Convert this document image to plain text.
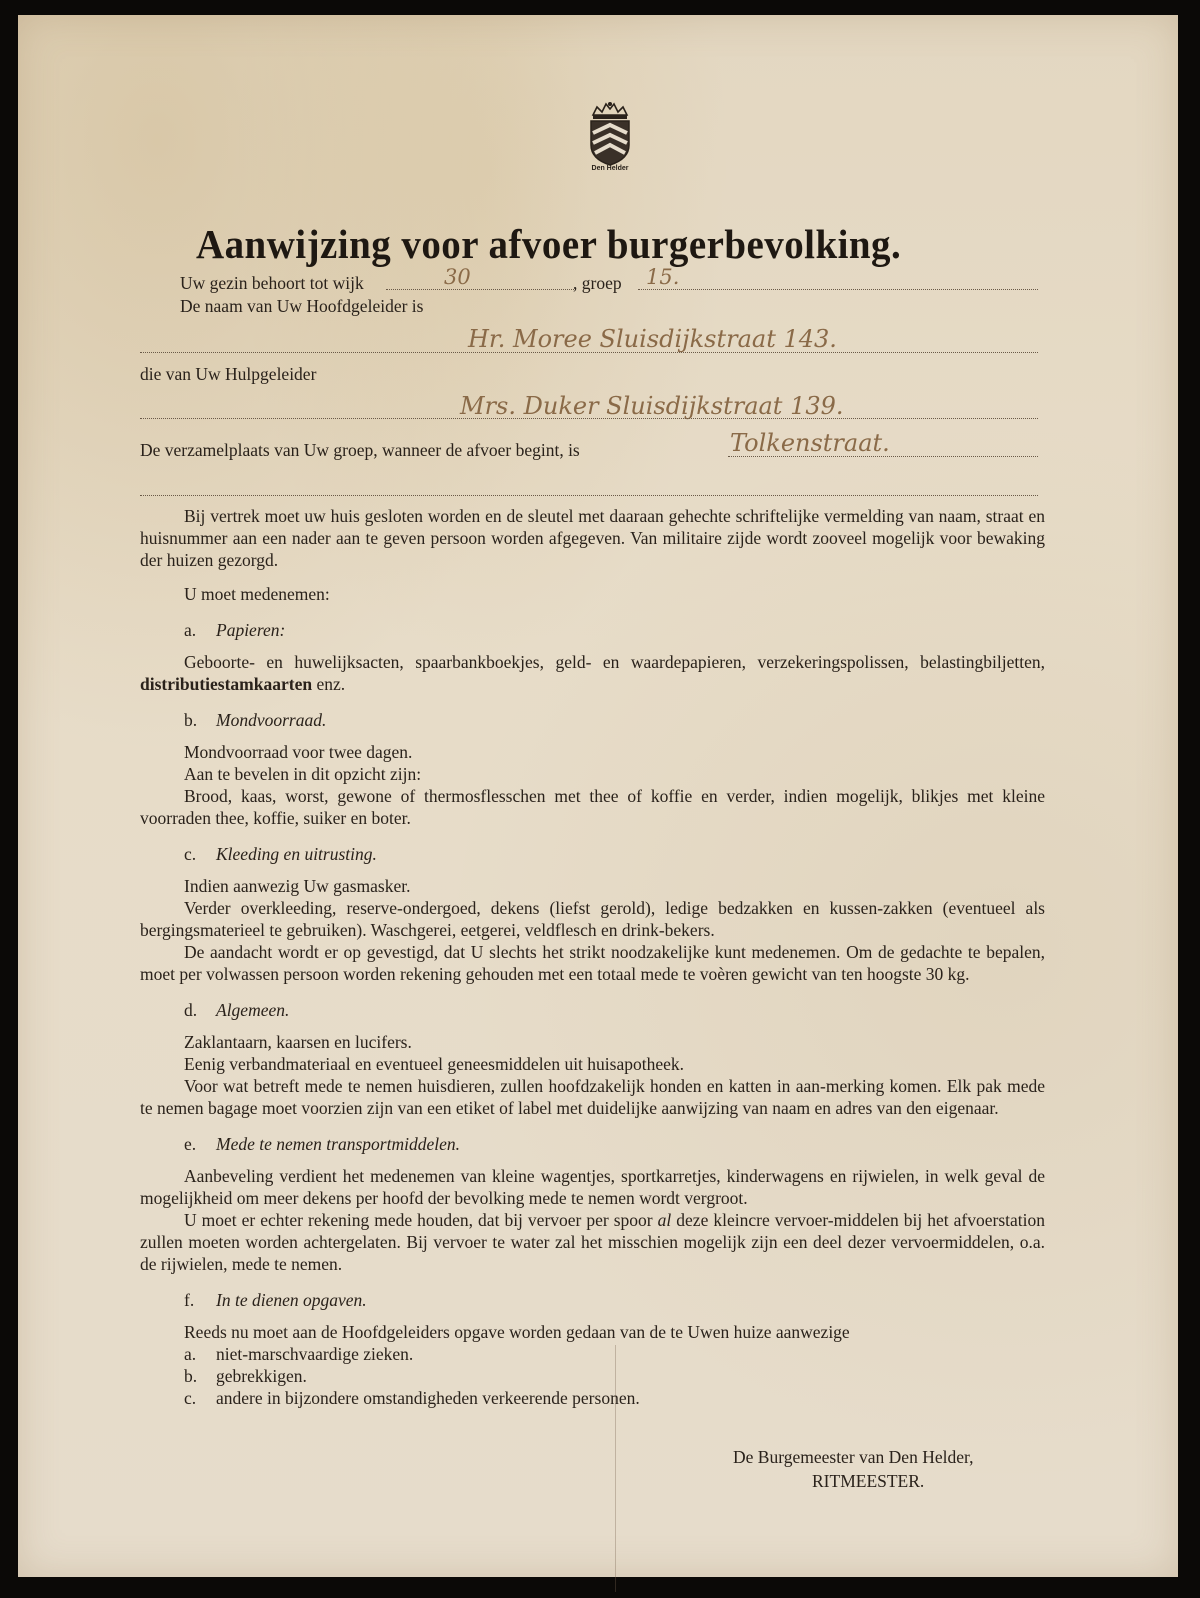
Den Helder
Aanwijzing voor afvoer burgerbevolking.
Uw gezin behoort tot wijk	30	, groep 15.
De naam van Uw Hoofdgeleider is
Hr. Moree Sluisdijkstraat 143.
die van Uw Hulpgeleider
Mrs. Duker Sluisdijkstraat 139.
De verzamelplaats van Uw groep, wanneer de afvoer begint, is	Tolkenstraat.

Bij vertrek moet uw huis gesloten worden en de sleutel met daaraan gehechte schriftelijke vermelding van naam, straat en huisnummer aan een nader aan te geven persoon worden afgegeven. Van militaire zijde wordt zooveel mogelijk voor bewaking der huizen gezorgd.

U moet medenemen:

a. Papieren:

Geboorte- en huwelijksacten, spaarbankboekjes, geld- en waardepapieren, verzekeringspolissen, belastingbiljetten, distributiestamkaarten enz.

b. Mondvoorraad.

Mondvoorraad voor twee dagen.

Aan te bevelen in dit opzicht zijn:

Brood, kaas, worst, gewone of thermosflesschen met thee of koffie en verder, indien mogelijk, blikjes met kleine voorraden thee, koffie, suiker en boter.

c. Kleeding en uitrusting.

Indien aanwezig Uw gasmasker.

Verder overkleeding, reserve-ondergoed, dekens (liefst gerold), ledige bedzakken en kussen-zakken (eventueel als bergingsmaterieel te gebruiken). Waschgerei, eetgerei, veldflesch en drink-bekers.

De aandacht wordt er op gevestigd, dat U slechts het strikt noodzakelijke kunt medenemen. Om de gedachte te bepalen, moet per volwassen persoon worden rekening gehouden met een totaal mede te voèren gewicht van ten hoogste 30 kg.

d. Algemeen.

Zaklantaarn, kaarsen en lucifers.

Eenig verbandmateriaal en eventueel geneesmiddelen uit huisapotheek.

Voor wat betreft mede te nemen huisdieren, zullen hoofdzakelijk honden en katten in aan-merking komen. Elk pak mede te nemen bagage moet voorzien zijn van een etiket of label met duidelijke aanwijzing van naam en adres van den eigenaar.

e. Mede te nemen transportmiddelen.

Aanbeveling verdient het medenemen van kleine wagentjes, sportkarretjes, kinderwagens en rijwielen, in welk geval de mogelijkheid om meer dekens per hoofd der bevolking mede te nemen wordt vergroot.

U moet er echter rekening mede houden, dat bij vervoer per spoor al deze kleincre vervoer-middelen bij het afvoerstation zullen moeten worden achtergelaten. Bij vervoer te water zal het misschien mogelijk zijn een deel dezer vervoermiddelen, o.a. de rijwielen, mede te nemen.

f. In te dienen opgaven.

Reeds nu moet aan de Hoofdgeleiders opgave worden gedaan van de te Uwen huize aanwezige

a. niet-marschvaardige zieken.
b. gebrekkigen.
c. andere in bijzondere omstandigheden verkeerende personen.
De Burgemeester van Den Helder,
RITMEESTER.
